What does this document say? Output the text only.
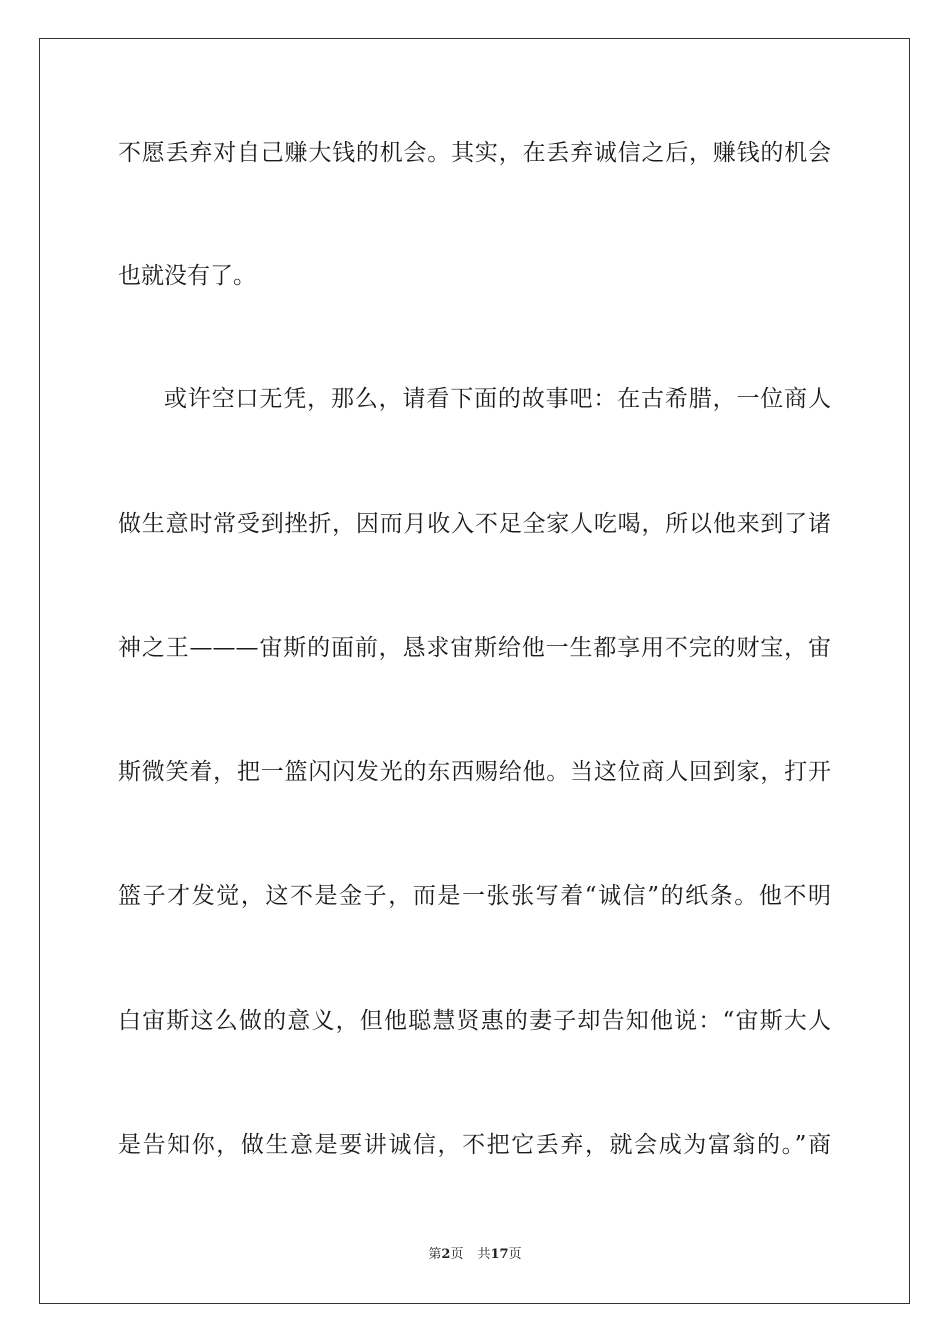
不愿丢弃对自己赚大钱的机会。其实，在丢弃诚信之后，赚钱的机会
也就没有了。
或许空口无凭，那么，请看下面的故事吧：在古希腊，一位商人
做生意时常受到挫折，因而月收入不足全家人吃喝，所以他来到了诸
神之王———宙斯的面前，恳求宙斯给他一生都享用不完的财宝，宙
斯微笑着，把一篮闪闪发光的东西赐给他。当这位商人回到家，打开
篮子才发觉，这不是金子，而是一张张写着“诚信”的纸条。他不明
白宙斯这么做的意义，但他聪慧贤惠的妻子却告知他说：“宙斯大人
是告知你，做生意是要讲诚信，不把它丢弃，就会成为富翁的。”商
第2页 共17页
